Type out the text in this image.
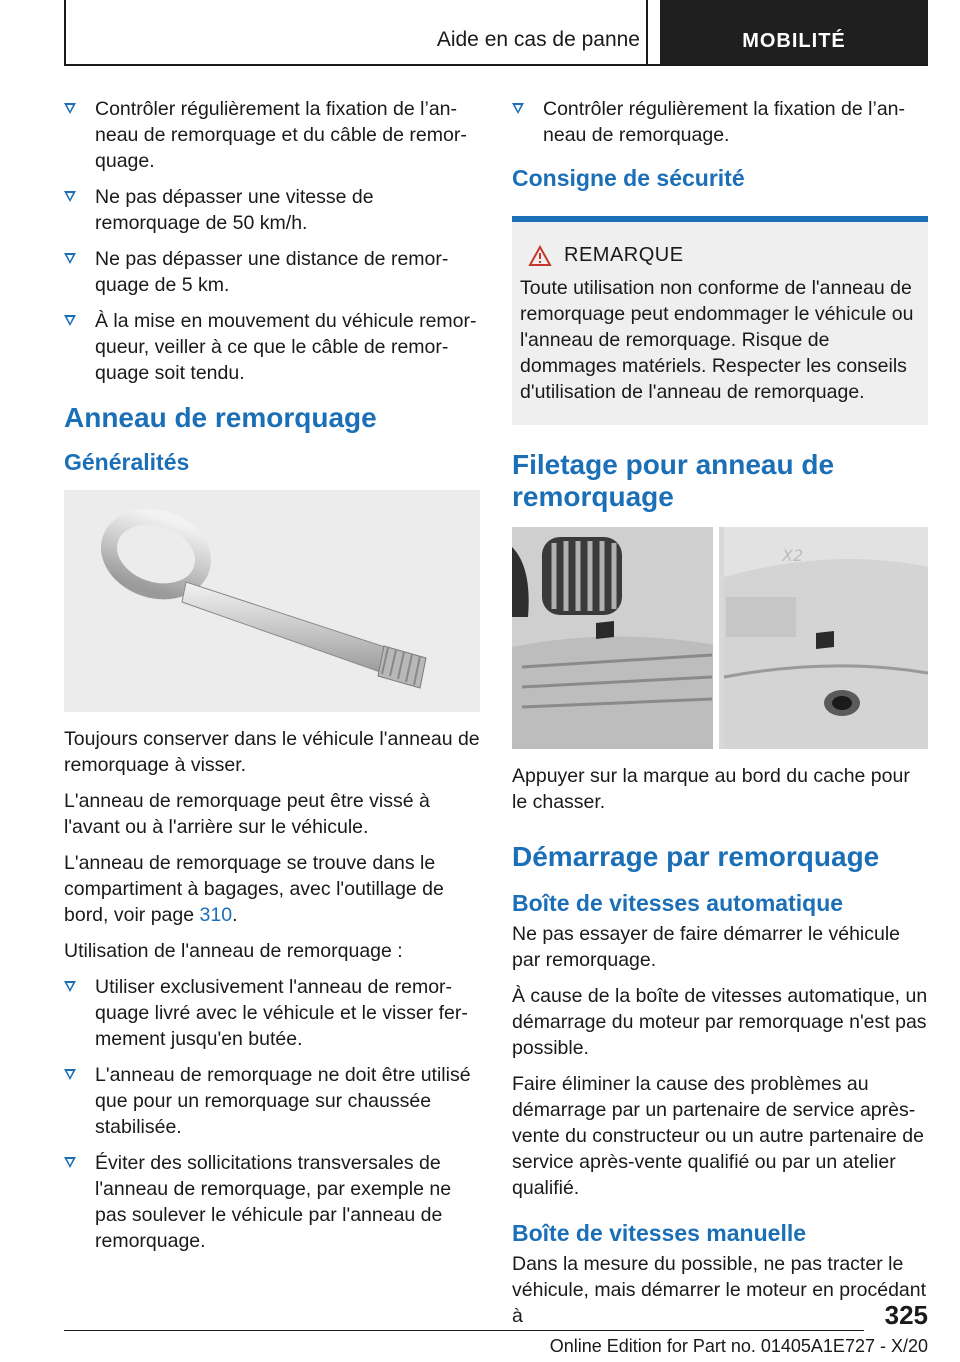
Aide en cas de panne	MOBILITÉ
Contrôler régulièrement la fixation de l’anneau de remorquage et du câble de remorquage.
Ne pas dépasser une vitesse de remorquage de 50 km/h.
Ne pas dépasser une distance de remorquage de 5 km.
À la mise en mouvement du véhicule remorqueur, veiller à ce que le câble de remorquage soit tendu.
Anneau de remorquage
Généralités

Toujours conserver dans le véhicule l'anneau de remorquage à visser.

L'anneau de remorquage peut être vissé à l'avant ou à l'arrière sur le véhicule.

L'anneau de remorquage se trouve dans le compartiment à bagages, avec l'outillage de bord, voir page 310.

Utilisation de l'anneau de remorquage :

Utiliser exclusivement l'anneau de remorquage livré avec le véhicule et le visser fermement jusqu'en butée.
L'anneau de remorquage ne doit être utilisé que pour un remorquage sur chaussée stabilisée.
Éviter des sollicitations transversales de l'anneau de remorquage, par exemple ne pas soulever le véhicule par l'anneau de remorquage.
Contrôler régulièrement la fixation de l’anneau de remorquage.
Consigne de sécurité
REMARQUE

Toute utilisation non conforme de l'anneau de remorquage peut endommager le véhicule ou l'anneau de remorquage. Risque de dommages matériels. Respecter les conseils d'utilisation de l'anneau de remorquage.

Filetage pour anneau de remorquage
X2

Appuyer sur la marque au bord du cache pour le chasser.

Démarrage par remorquage
Boîte de vitesses automatique

Ne pas essayer de faire démarrer le véhicule par remorquage.

À cause de la boîte de vitesses automatique, un démarrage du moteur par remorquage n'est pas possible.

Faire éliminer la cause des problèmes au démarrage par un partenaire de service après-vente du constructeur ou un autre partenaire de service après-vente qualifié ou par un atelier qualifié.

Boîte de vitesses manuelle

Dans la mesure du possible, ne pas tracter le véhicule, mais démarrer le moteur en procédant à	325
Online Edition for Part no. 01405A1E727 - X/20
